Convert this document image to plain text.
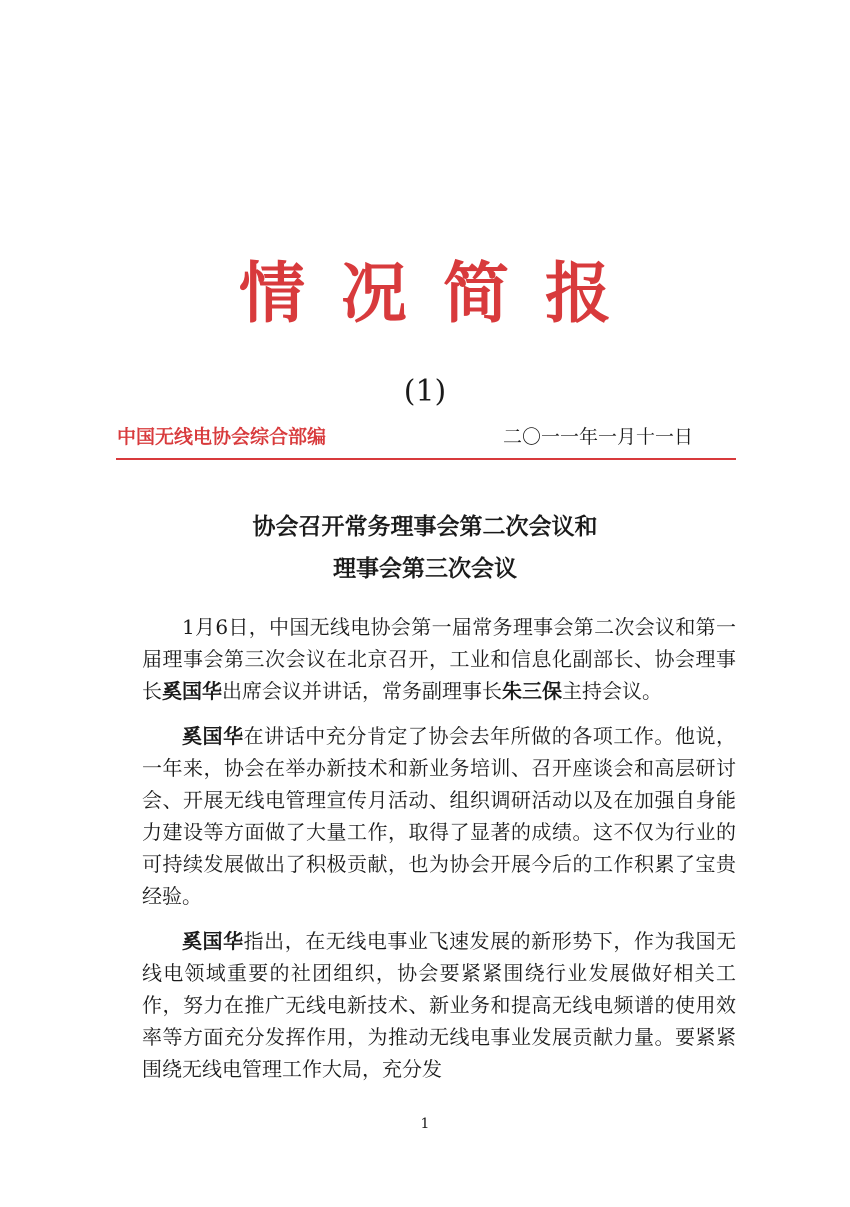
情况简报
(1)
中国无线电协会综合部编	二〇一一年一月十一日
协会召开常务理事会第二次会议和
理事会第三次会议

1月6日，中国无线电协会第一届常务理事会第二次会议和第一届理事会第三次会议在北京召开，工业和信息化副部长、协会理事长奚国华出席会议并讲话，常务副理事长朱三保主持会议。

奚国华在讲话中充分肯定了协会去年所做的各项工作。他说，一年来，协会在举办新技术和新业务培训、召开座谈会和高层研讨会、开展无线电管理宣传月活动、组织调研活动以及在加强自身能力建设等方面做了大量工作，取得了显著的成绩。这不仅为行业的可持续发展做出了积极贡献，也为协会开展今后的工作积累了宝贵经验。

奚国华指出，在无线电事业飞速发展的新形势下，作为我国无线电领域重要的社团组织，协会要紧紧围绕行业发展做好相关工作，努力在推广无线电新技术、新业务和提高无线电频谱的使用效率等方面充分发挥作用，为推动无线电事业发展贡献力量。要紧紧围绕无线电管理工作大局，充分发

1
